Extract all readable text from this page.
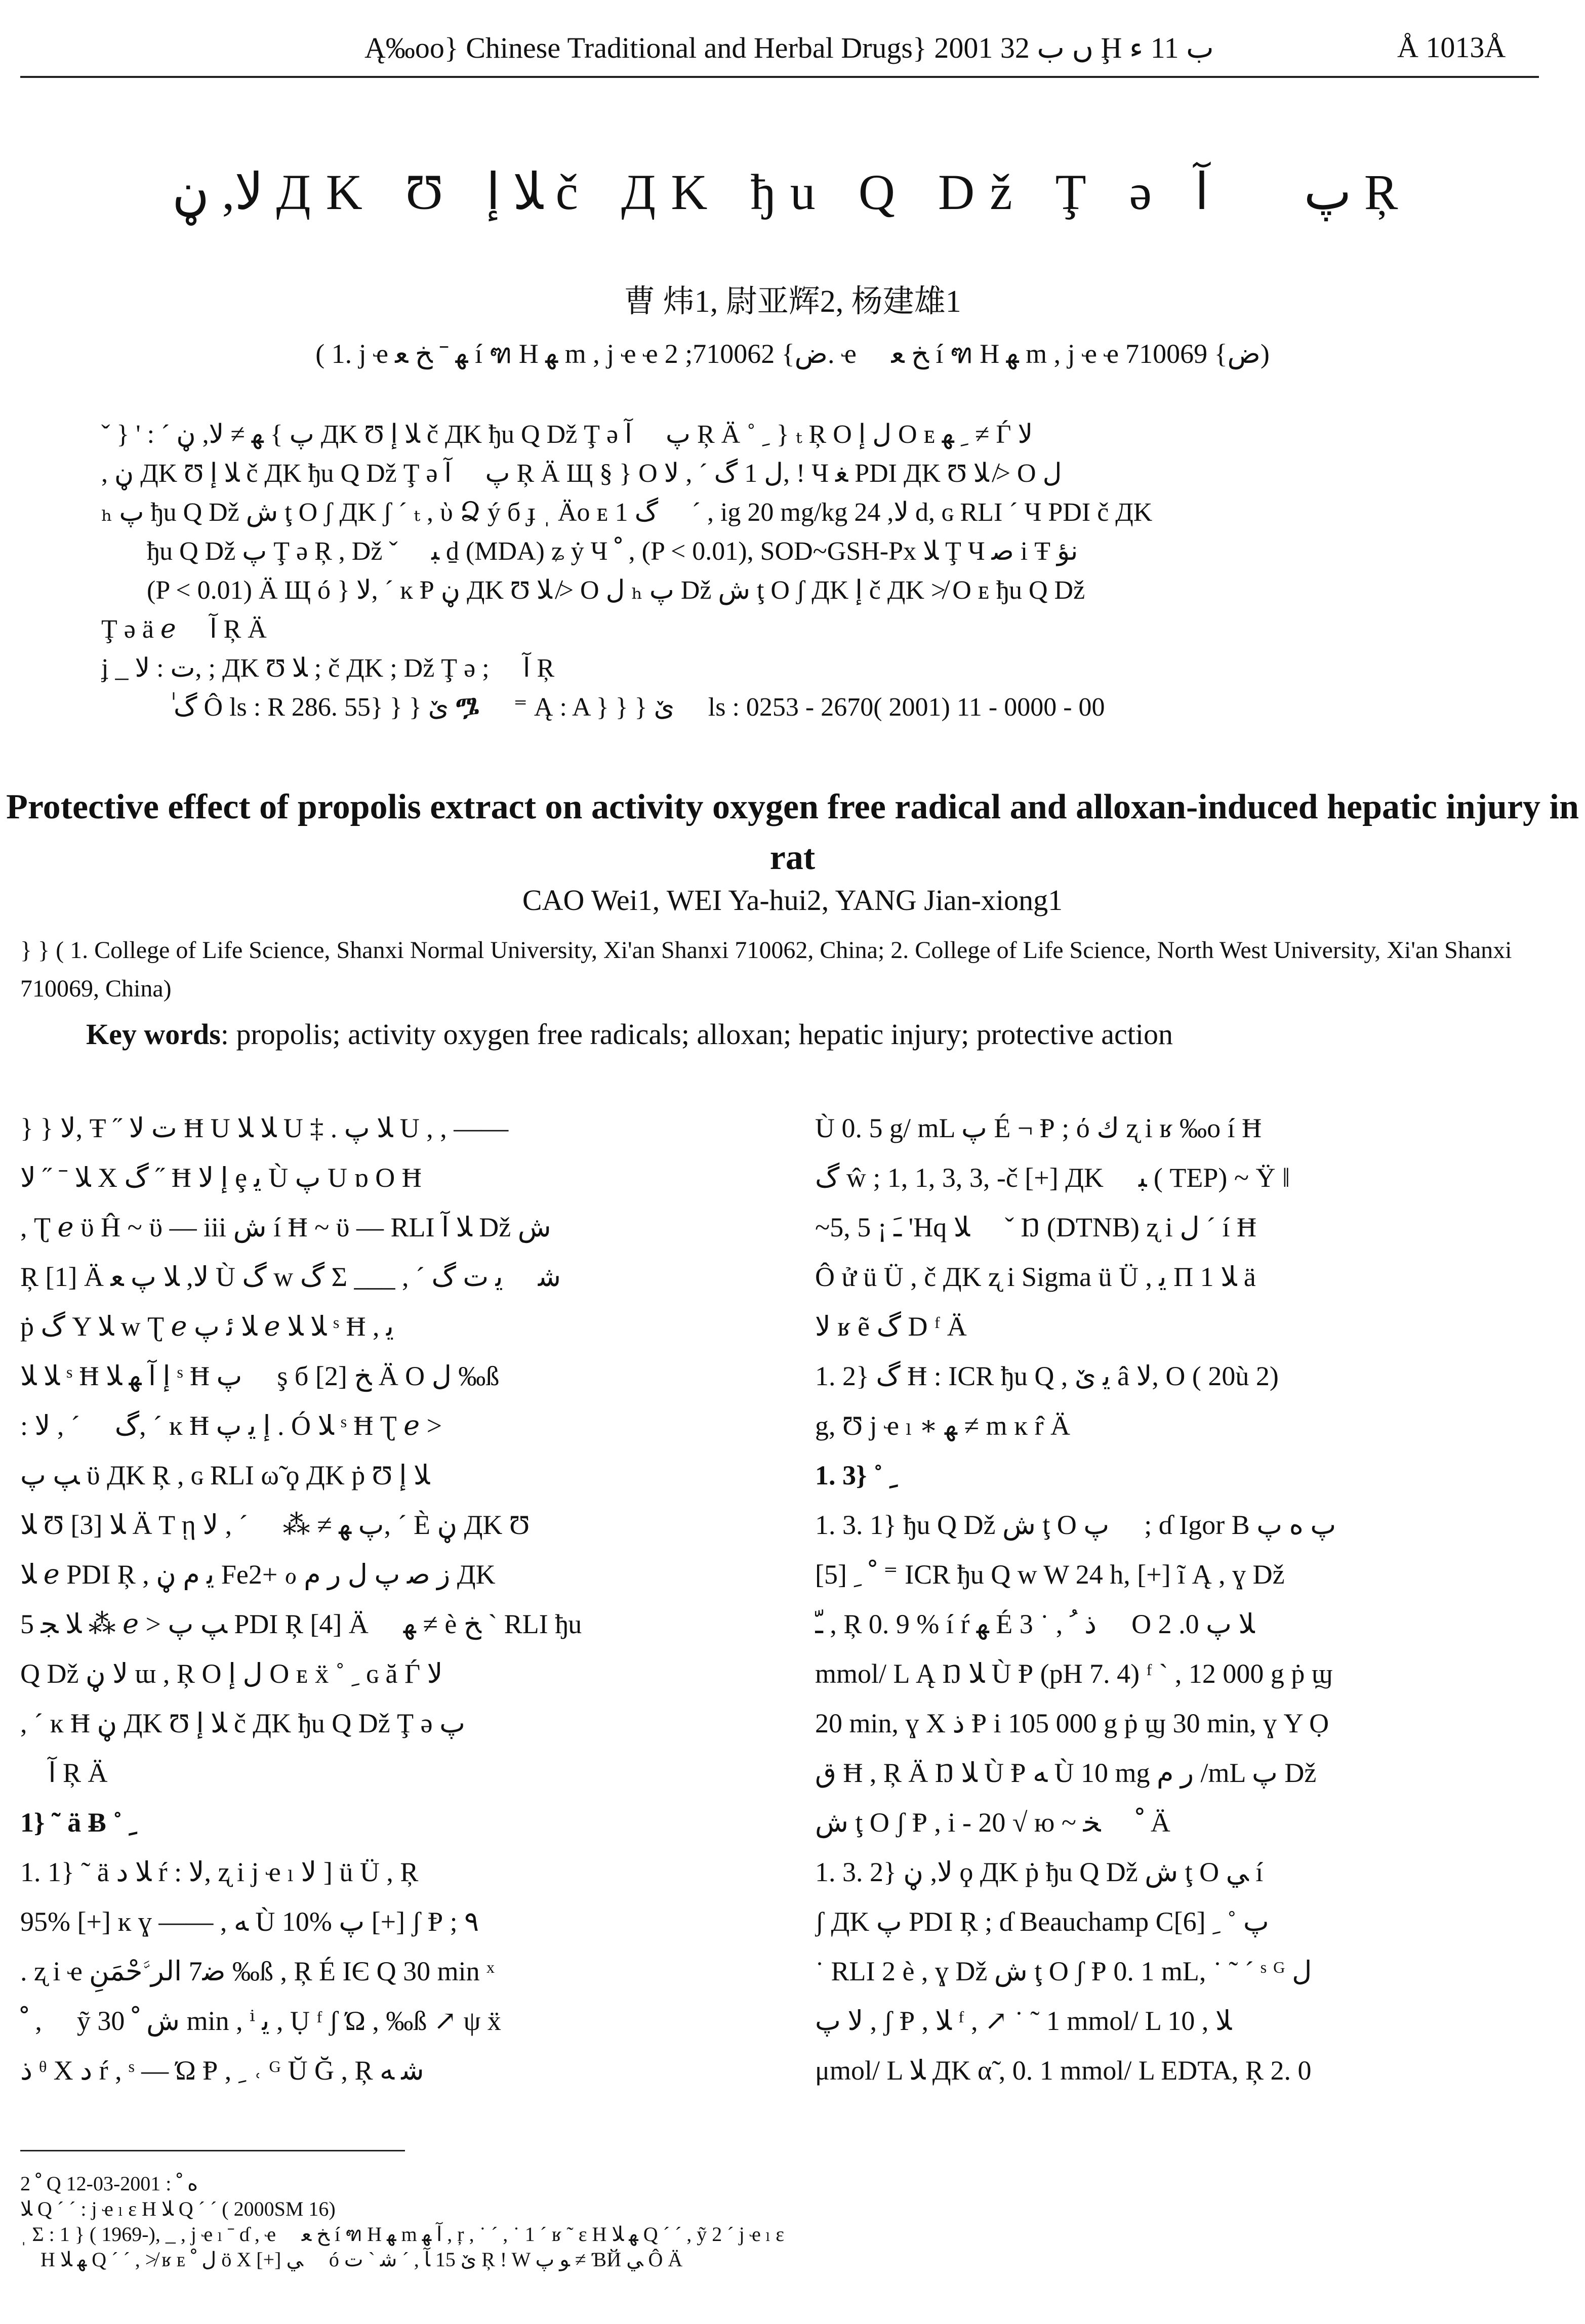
Ą‰oo} Chinese Traditional and Herbal Drugs} 2001 ں ب 32 Ḩ ب 11 ﺀ	Å 1013Å
ﻻ, ڼ ДK Ʊ ﻼ ﺇ č ДK ђu Q Dž Ţ ə ﭖ ￿ ﺁ Ŗ
曹 炜1, 尉亚辉2, 杨建雄1
( 1. ј ҽ ﻬ ˉ ﺦ ﻌ í ฑ H ﻬ m , ј ҽ ҽ ﺽ} 710062; 2. ҽ ￿ ﺦ ﻌ í ฑ H ﻬ m , ј ҽ ҽ ﺽ} 710069)
ˇ } ' : ˊ ﭖ } ﻬ ≠ ﻻ, ڼ ДK Ʊ ﻼ ﺇ č ДK ђu Q Dž Ţ ə ﭖ ￿ ﺁ Ŗ Ä ˚ ﹺ } ₜ Ŗ O ﻝ ﺇ O ᴇ ﹺ ﻬ ≠ Ѓ ﻻ
, ڼ ДK Ʊ ﻼ ﺇ č ДK ђu Q Dž Ţ ə ﭖ ￿ ﺁ Ŗ Ä Щ § } O ﻝ 1 ﮒ ˊ , ﻻ, ǃ Ч ﻐ PDI ДK Ʊ ﻼ ≯ O ﻝ
ₕ ﭖ ђu Q Dž ﺵ ţ O ʃ ДK ʃ ˊ ₜ , ὺ Ձ ý б ɟ ˌ Äo ᴇ 1 ﮒ ￿ ˊ , ig 20 mg/kg ﻻ, 24 d, ɢ RLI ˊ Ч PDI č ДK
ђu Q Dž ﭖ Ţ ə Ŗ , Dž ˇ ￿ ﺒ ḏ (MDA) ʑ ẏ Ч ﹾ , (P < 0.01), SOD~GSH-Px ﻼ Ţ Ч ﺻ i Ŧ ﻧﺆ
(P < 0.01) Ä Щ ó } ﻻ, ˊ ĸ Ᵽ ڼ ДK Ʊ ﻼ ≯ O ﻝ ₕ ﭖ Dž ﺵ ţ O ʃ ДK ﺇ č ДK ≯ O ᴇ ђu Q Dž
Ţ ə ä ℯ ￿ ﺁ Ŗ Ä
ʝ _ ﺕ : ﻻ, ; ДK Ʊ ﻼ ; č ДK ; Dž Ţ ə ; ￿ ﺁ Ŗ
ٰ ﮒ Ô ls : R 286. 55} } } ێ ᎂ ￿ ⁼ Ą : A } } } ێ ￿ ls : 0253 - 2670( 2001) 11 - 0000 - 00
Protective effect of propolis extract on activity oxygen free radical and alloxan-induced hepatic injury in rat
CAO Wei1, WEI Ya-hui2, YANG Jian-xiong1
} } ( 1. College of Life Science, Shanxi Normal University, Xi'an Shanxi 710062, China; 2. College of Life Science, North West University, Xi'an Shanxi 710069, China)
Key words: propolis; activity oxygen free radicals; alloxan; hepatic injury; protective action
} } ﻻ, Ŧ ˝ ﺕ ﻻ Ħ U ﻼ ﻼ U ‡ . ﻼ ﭖ U , , ——
ﻼ ˉ ˝ ﻻ Χ ﮒ ˝ Ħ ﺇ ﻻ ȩ ﻳ Ù ﭖ U ɒ O Ħ
, Ʈ ℯ ϋ Ĥ ~ ϋ — iii ﺵ í Ħ ~ ϋ — RLI ﻼ ﺁ Dž ﺵ
Ŗ [1] Ä ﻻ, ﻼ ﭖ ﻌ Ù ﮒ w ﮒ Σ ___ , ˊ ﺷ ￿ ﻳ ﺕ ﮒ
ṗ ﮒ Υ ﻼ w Ʈ ℯ ﻼ ﺋ ﭖ ℯ ﻼ ﻼ ˢ Ħ , ﻳ
ﻼ ﻼ ˢ Ħ ﺇ ﺁ ﻬ ﻼ ˢ Ħ ﭖ ￿ ş б ﺦ [2] Ä O ﻝ ‰ß
: ﮒ ￿ ˊ , ﻻ, ˊ ĸ Ħ ﺇ ﻳ ﭖ . Ó ﻼ ˢ Ħ Ʈ ℯ >
ﭗ ﭖ ϋ ДK Ŗ , ɢ RLI ω̃ ϙ ДK ṗ Ʊ ﻼ ﺇ
ﻼ Ʊ ﻼ [3] Ä T ῃ ﭖ ﻬ ≠ ⁂ ￿ ˊ , ﻻ, ˊ È ڼ ДK Ʊ
ﻼ ℯ PDI Ŗ , ﻳ ﻡ ڼ Fe2+ ℴ ﺯ ﺻ ﭖ ﻝ ﺭ ﻡ ДK
ﻼ ﺠ 5 ⁂ ℯ > ﭗ ﭖ PDI Ŗ [4] Ä ￿ ﻬ ≠ è ﺦ ˋ RLI ђu
Q Dž ﻻ ڼ ɯ , Ŗ O ﻝ ﺇ O ᴇ ẍ ˚ ﹺ ɢ ă Ѓ ﻻ
, ˊ ĸ Ħ ڼ ДK Ʊ ﻼ ﺇ č ДK ђu Q Dž Ţ ə ﭖ
￿ ﺁ Ŗ Ä
1} ˜ ä Ƀ ˚ ﹺ
1. 1} ˜ ä ﻼ ﺩ ŕ : ﻻ, ʐ i ј ҽ ₗ ﻻ ] ü Ü , Ŗ
95% [+] ĸ ɣ —— , ﻪ Ù 10% ﭖ [+] ʃ Ᵽ ; ۹
. ʐ i ҽ ﺿ7 ﺍﻟﺮﱠﺣْﻤَﻦِ ‰ß , Ŗ É IЄ Q 30 min ˣ
ﹾ , ￿ ỹ ﺵ ﹾ 30 min , ⁱ ﻳ , Ụ ᶠ ʃ Ώ , ‰ß ↗ ψ ẍ
ﺫ ᶿ Χ ﺩ ŕ , ˢ — Ώ Ᵽ , ﹺ ˓ ᴳ Ŭ Ğ , Ŗ ﺷ ﻪ
Ù 0. 5 g/ mL ﭖ É ¬ Ᵽ ; ό ﻙ ʐ i ʁ ‰o í Ħ
ﮒ ŵ ; 1, 1, 3, 3, -č [+] ДK ￿ ﺒ ( TEP) ~ Ÿ ǁ
~5, 5 ¡ ﹷ 'Hq ﻼ ￿ ˇ Ŋ (DTNB) ʐ i ﻝ ˊ í Ħ
Ô ử ü Ü , č ДK ʐ i Sigma ü Ü , ﻳ Π 1 ﻼ ä
ﻻ ʁ ẽ ﮒ D ᶠ Ä
1. 2} ﮒ Ħ : ICR ђu Q , ﻳ ێ â ﻻ, O ( 20ù 2)
g, Ʊ ј ҽ ₗ ∗ ﻬ ≠ m ĸ r̂ Ä
1. 3} ˚ ﹺ
1. 3. 1} ђu Q Dž ﺵ ţ O ﭖ ￿ ; ɗ Igor B ﭖ ﻩ ﭖ
ﹾ ﹺ [5] ⁼ ICR ђu Q w W 24 h, [+] ĩ Ą , ɣ Dž
ﹽ , Ŗ 0. 9 % í ŕ ﻬ É ﺫ ﹸ , ˙ 3 ￿ O ﻼ ﭖ 0. 2
mmol/ L Ą Ŋ ﻼ Ù Ᵽ (pH 7. 4) ᶠ ˋ , 12 000 g ṗ ϣ
20 min, ɣ Χ ﺫ Ᵽ i 105 000 g ṗ ϣ 30 min, ɣ Υ Ọ
ﻕ Ħ , Ŗ Ä Ŋ ﻼ Ù Ᵽ ﻪ Ù 10 mg ﺭ ﻡ /mL ﭖ Dž
ﺵ ţ O ʃ Ᵽ , i - 20 √ ю ~ ﹾ ￿ ﺨ Ä
1. 3. 2} ﻻ, ڼ ϙ ДK ṗ ђu Q Dž ﺵ ţ O ﻲ í
ʃ ДK ﭖ PDI Ŗ ; ɗ Beauchamp C[6] ﭖ ˚ ﹺ
˙ RLI 2 è , ɣ Dž ﺵ ţ O ʃ Ᵽ 0. 1 mL, ˙ ˜ ˊ ˢ ᴳ ﻝ
ﻻ ﭖ , ʃ Ᵽ , ﻼ ᶠ , ↗ ˙ ˜ 1 mmol/ L ﻼ , 10
μmol/ L ﻼ ДK α̃ , 0. 1 mmol/ L EDTA, Ŗ 2. 0
ﹾ 2 Q ﻩ ﹾ : 2001-03-12
ﻼ Q ˊ ˊ : ј ҽ ₗ ɛ H ﻼ Q ˊ ˊ ( 2000SM 16)
ˌ Σ : 1 } ( 1969-), _ , ј ҽ ₗ ˉ ɗ , ҽ ￿ ﺦ ﻌ í ฑ H ﻬ m ﺁ ﻬ , ŗ , ˙ ˊ , ˙ 1 ˊ ʁ ˜ ɛ H ﻬ ﻼ Q ˊ ˊ , ỹ 2 ˊ ј ҽ ₗ ɛ
H ﻬ ﻼ Q ˊ ˊ , ≯ ʁ ᴇ ﻝ ﹾ ö Χ [+] ﻲ ￿ ó ێ 15 ﺂ , ˊ ﺷ ˋ ﺕ Ŗ ! W ﻮ ﭖ ≠ ƁЙ ﻲ Ô Ä
